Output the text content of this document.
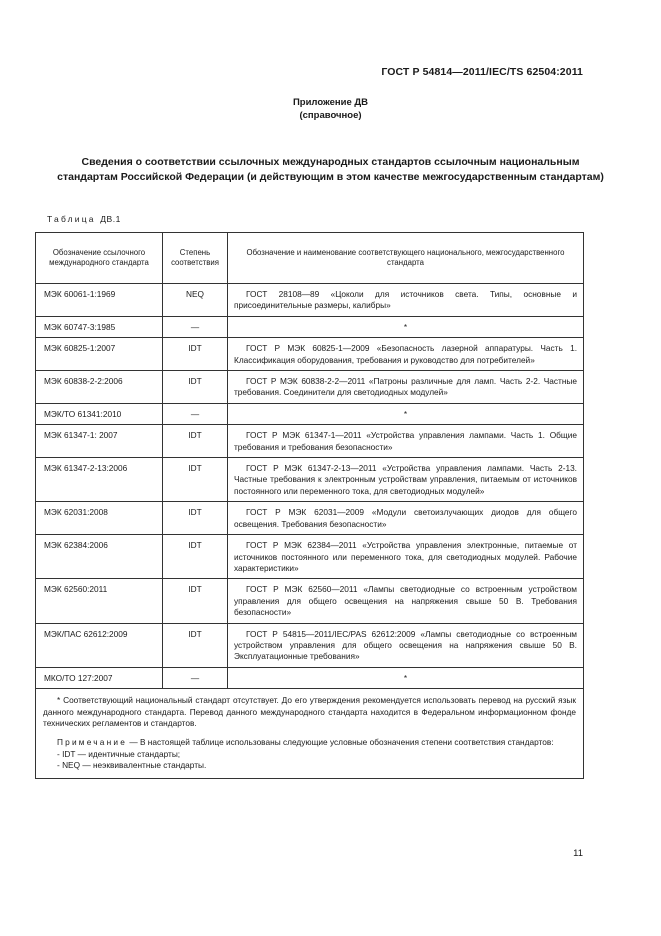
ГОСТ Р 54814—2011/IEC/TS 62504:2011
Приложение ДВ
(справочное)
Сведения о соответствии ссылочных международных стандартов ссылочным национальным стандартам Российской Федерации (и действующим в этом качестве межгосударственным стандартам)
Таблица ДВ.1
Обозначение ссылочного международного стандарта	Степень соответствия	Обозначение и наименование соответствующего национального, межгосударственного стандарта
МЭК 60061-1:1969	NEQ	ГОСТ 28108—89 «Цоколи для источников света. Типы, основные и присоединительные размеры, калибры»
МЭК 60747-3:1985	—	*
МЭК 60825-1:2007	IDT	ГОСТ Р МЭК 60825-1—2009 «Безопасность лазерной аппаратуры. Часть 1. Классификация оборудования, требования и руководство для потребителей»
МЭК 60838-2-2:2006	IDT	ГОСТ Р МЭК 60838-2-2—2011 «Патроны различные для ламп. Часть 2-2. Частные требования. Соединители для светодиодных модулей»
МЭК/ТО 61341:2010	—	*
МЭК 61347-1: 2007	IDT	ГОСТ Р МЭК 61347-1—2011 «Устройства управления лампами. Часть 1. Общие требования и требования безопасности»
МЭК 61347-2-13:2006	IDT	ГОСТ Р МЭК 61347-2-13—2011 «Устройства управления лампами. Часть 2-13. Частные требования к электронным устройствам управления, питаемым от источников постоянного или переменного тока, для светодиодных модулей»
МЭК 62031:2008	IDT	ГОСТ Р МЭК 62031—2009 «Модули светоизлучающих диодов для общего освещения. Требования безопасности»
МЭК 62384:2006	IDT	ГОСТ Р МЭК 62384—2011 «Устройства управления электронные, питаемые от источников постоянного или переменного тока, для светодиодных модулей. Рабочие характеристики»
МЭК 62560:2011	IDT	ГОСТ Р МЭК 62560—2011 «Лампы светодиодные со встроенным устройством управления для общего освещения на напряжения свыше 50 В. Требования безопасности»
МЭК/ПАС 62612:2009	IDT	ГОСТ Р 54815—2011/IEC/PAS 62612:2009 «Лампы светодиодные со встроенным устройством управления для общего освещения на напряжения свыше 50 В. Эксплуатационные требования»
МКО/ТО 127:2007	—	*

* Соответствующий национальный стандарт отсутствует. До его утверждения рекомендуется использовать перевод на русский язык данного международного стандарта. Перевод данного международного стандарта находится в Федеральном информационном фонде технических регламентов и стандартов.

Примечание — В настоящей таблице использованы следующие условные обозначения степени соответствия стандартов:

- IDT — идентичные стандарты;

- NEQ — неэквивалентные стандарты.		

11
